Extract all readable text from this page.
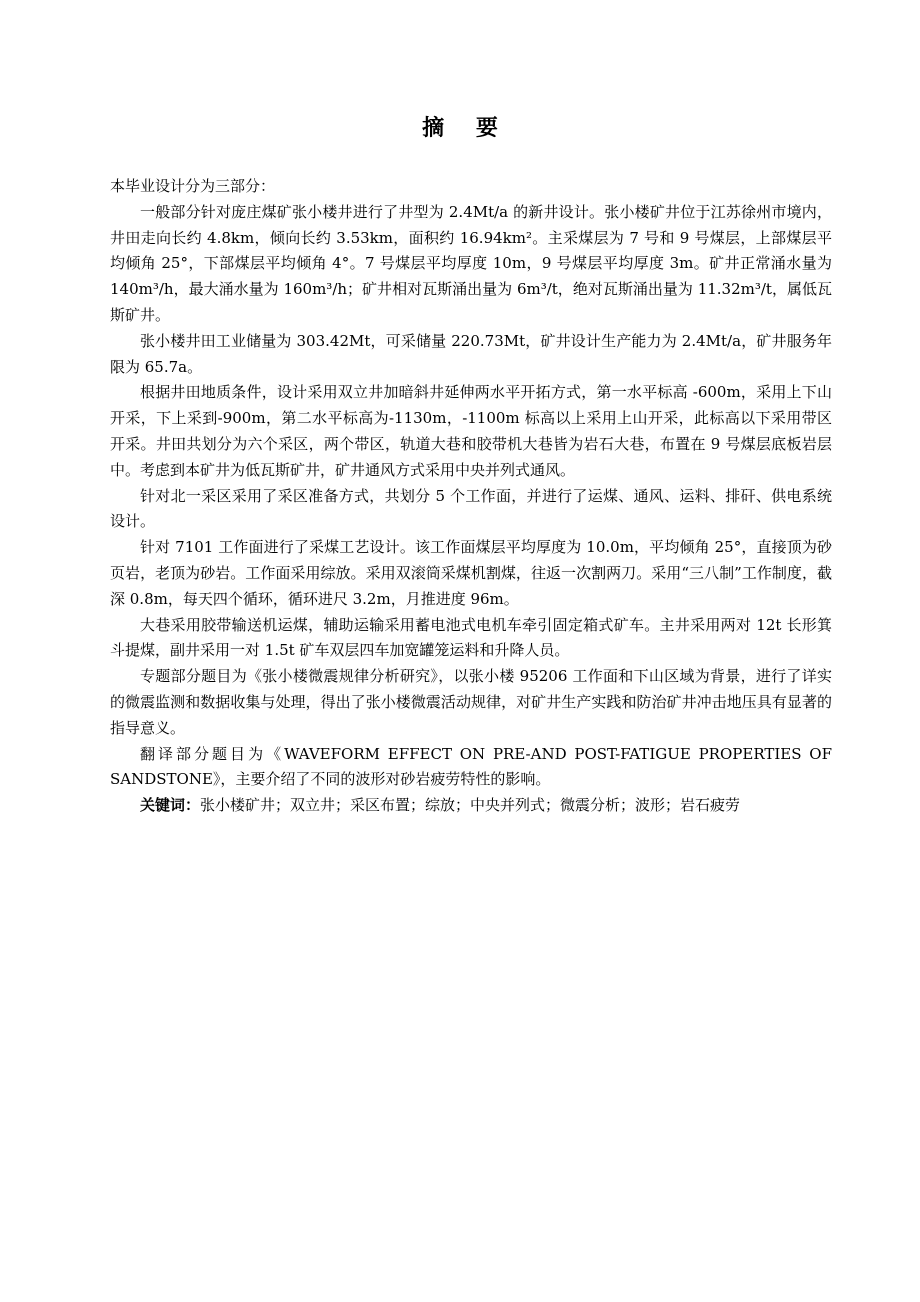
摘 要

本毕业设计分为三部分：

一般部分针对庞庄煤矿张小楼井进行了井型为 2.4Mt/a 的新井设计。张小楼矿井位于江苏徐州市境内，井田走向长约 4.8km，倾向长约 3.53km，面积约 16.94km²。主采煤层为 7 号和 9 号煤层，上部煤层平均倾角 25°，下部煤层平均倾角 4°。7 号煤层平均厚度 10m，9 号煤层平均厚度 3m。矿井正常涌水量为 140m³/h，最大涌水量为 160m³/h；矿井相对瓦斯涌出量为 6m³/t，绝对瓦斯涌出量为 11.32m³/t，属低瓦斯矿井。

张小楼井田工业储量为 303.42Mt，可采储量 220.73Mt，矿井设计生产能力为 2.4Mt/a，矿井服务年限为 65.7a。

根据井田地质条件，设计采用双立井加暗斜井延伸两水平开拓方式，第一水平标高 -600m，采用上下山开采，下上采到-900m，第二水平标高为-1130m，-1100m 标高以上采用上山开采，此标高以下采用带区开采。井田共划分为六个采区，两个带区，轨道大巷和胶带机大巷皆为岩石大巷，布置在 9 号煤层底板岩层中。考虑到本矿井为低瓦斯矿井，矿井通风方式采用中央并列式通风。

针对北一采区采用了采区准备方式，共划分 5 个工作面，并进行了运煤、通风、运料、排矸、供电系统设计。

针对 7101 工作面进行了采煤工艺设计。该工作面煤层平均厚度为 10.0m，平均倾角 25°，直接顶为砂页岩，老顶为砂岩。工作面采用综放。采用双滚筒采煤机割煤，往返一次割两刀。采用“三八制”工作制度，截深 0.8m，每天四个循环，循环进尺 3.2m，月推进度 96m。

大巷采用胶带输送机运煤，辅助运输采用蓄电池式电机车牵引固定箱式矿车。主井采用两对 12t 长形箕斗提煤，副井采用一对 1.5t 矿车双层四车加宽罐笼运料和升降人员。

专题部分题目为《张小楼微震规律分析研究》，以张小楼 95206 工作面和下山区域为背景，进行了详实的微震监测和数据收集与处理，得出了张小楼微震活动规律，对矿井生产实践和防治矿井冲击地压具有显著的指导意义。

翻译部分题目为《WAVEFORM EFFECT ON PRE-AND POST-FATIGUE PROPERTIES OF SANDSTONE》，主要介绍了不同的波形对砂岩疲劳特性的影响。

关键词：张小楼矿井；双立井；采区布置；综放；中央并列式；微震分析；波形；岩石疲劳
